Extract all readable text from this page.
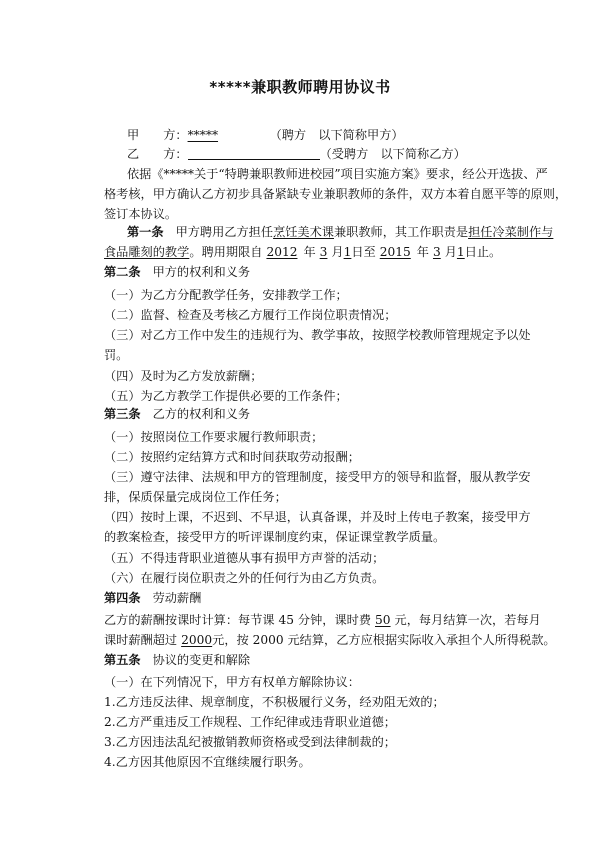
*****兼职教师聘用协议书
甲 方：*****	（聘方　以下简称甲方）
乙 方：	（受聘方　以下简称乙方）
依据《*****关于“特聘兼职教师进校园”项目实施方案》要求，经公开选拔、严
格考核，甲方确认乙方初步具备紧缺专业兼职教师的条件，双方本着自愿平等的原则，
签订本协议。
第一条 甲方聘用乙方担任烹饪美术课兼职教师，其工作职责是担任冷菜制作与
食品雕刻的教学。聘用期限自 2012 年 3 月1日至 2015 年 3 月1日止。
第二条 甲方的权利和义务
（一）为乙方分配教学任务，安排教学工作；
（二）监督、检查及考核乙方履行工作岗位职责情况；
（三）对乙方工作中发生的违规行为、教学事故，按照学校教师管理规定予以处
罚。
（四）及时为乙方发放薪酬；
（五）为乙方教学工作提供必要的工作条件；
第三条 乙方的权利和义务
（一）按照岗位工作要求履行教师职责；
（二）按照约定结算方式和时间获取劳动报酬；
（三）遵守法律、法规和甲方的管理制度，接受甲方的领导和监督，服从教学安
排，保质保量完成岗位工作任务；
（四）按时上课，不迟到、不早退，认真备课，并及时上传电子教案，接受甲方
的教案检查，接受甲方的听评课制度约束，保证课堂教学质量。
（五）不得违背职业道德从事有损甲方声誉的活动；
（六）在履行岗位职责之外的任何行为由乙方负责。
第四条 劳动薪酬
乙方的薪酬按课时计算：每节课 45 分钟，课时费 50 元，每月结算一次，若每月
课时薪酬超过 2000元，按 2000 元结算，乙方应根据实际收入承担个人所得税款。
第五条 协议的变更和解除
（一）在下列情况下，甲方有权单方解除协议：
1.乙方违反法律、规章制度，不积极履行义务，经劝阻无效的；
2.乙方严重违反工作规程、工作纪律或违背职业道德；
3.乙方因违法乱纪被撤销教师资格或受到法律制裁的；
4.乙方因其他原因不宜继续履行职务。
